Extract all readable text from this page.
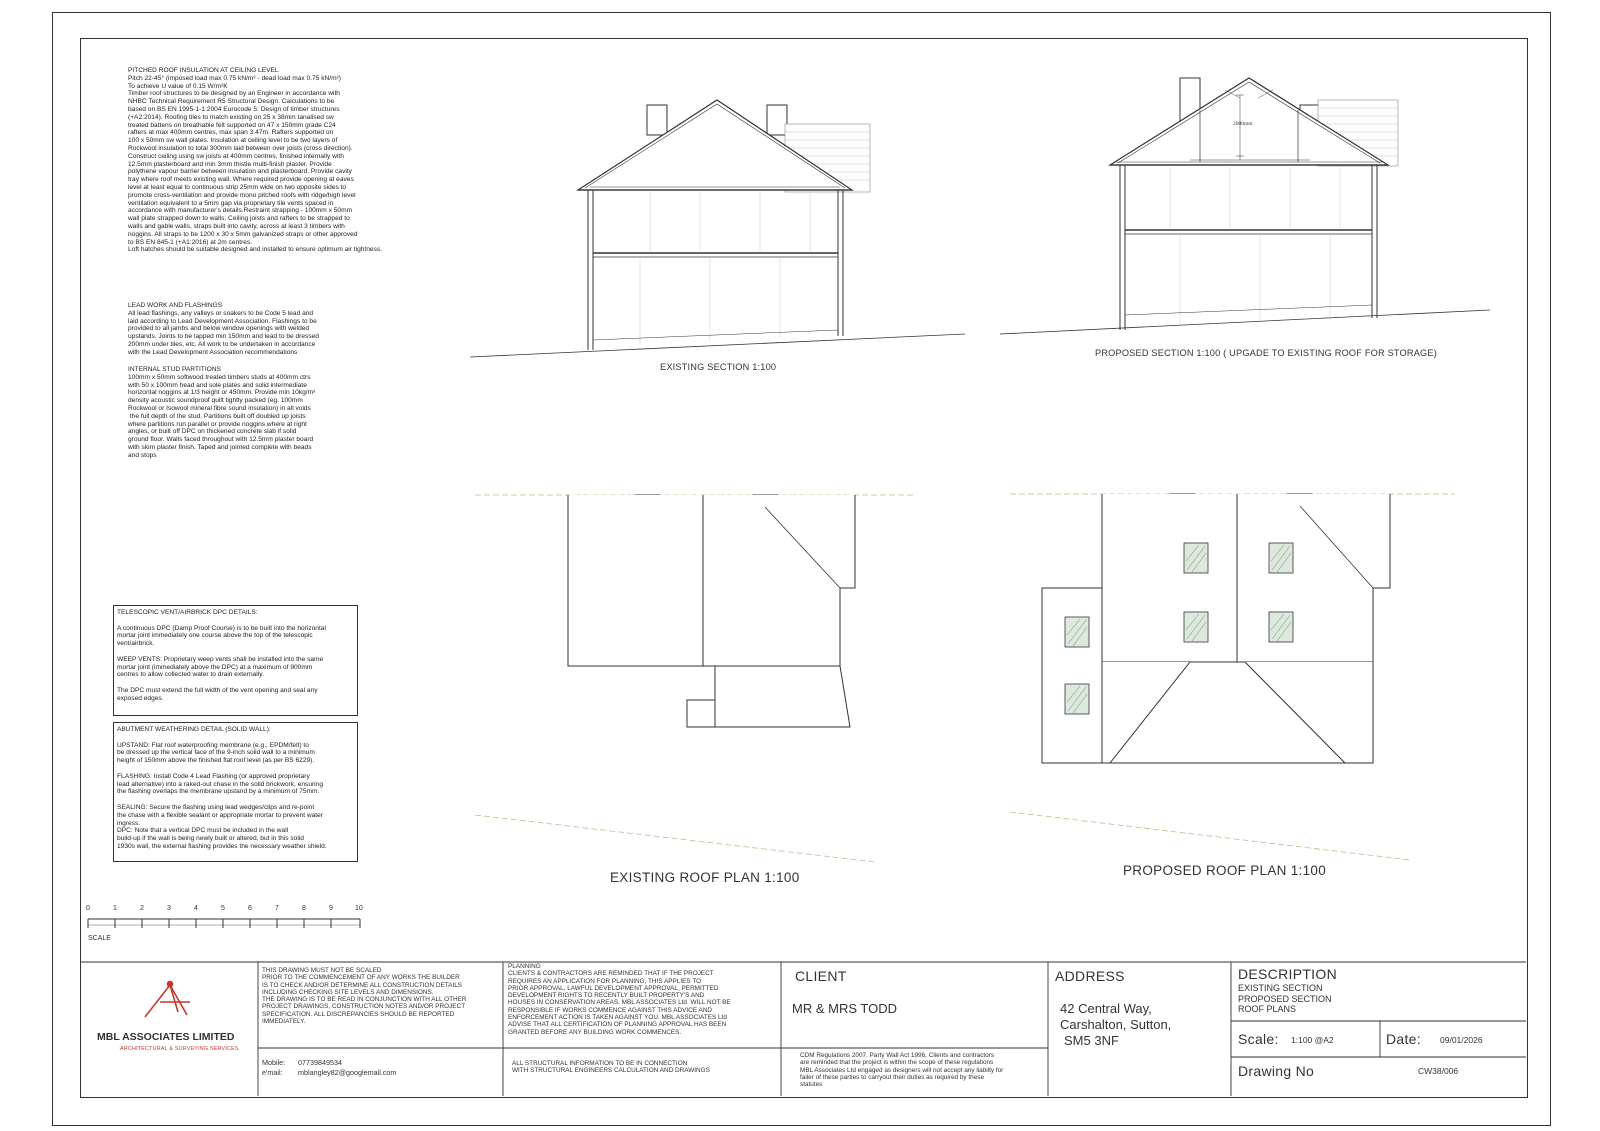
PITCHED ROOF INSULATION AT CEILING LEVEL
Pitch 22-45° (imposed load max 0.75 kN/m² - dead load max 0.75 kN/m²)
To achieve U value of 0.15 W/m²K
Timber roof structures to be designed by an Engineer in accordance with
NHBC Technical Requirement R5 Structural Design. Calculations to be
based on BS EN 1995-1-1:2004 Eurocode 5: Design of timber structures
(+A2:2014). Roofing tiles to match existing on 25 x 38mm tanalised sw
treated battens on breathable felt supported on 47 x 150mm grade C24
rafters at max 400mm centres, max span 3.47m. Rafters supported on
100 x 50mm sw wall plates. Insulation at ceiling level to be two layers of
Rockwool insulation to total 300mm laid between over joists (cross direction).
Construct ceiling using sw joists at 400mm centres, finished internally with
12.5mm plasterboard and min 3mm thistle multi-finish plaster. Provide
polythene vapour barrier between insulation and plasterboard. Provide cavity
tray where roof meets existing wall. Where required provide opening at eaves
level at least equal to continuous strip 25mm wide on two opposite sides to
promote cross-ventilation and provide mono pitched roofs with ridge/high level
ventilation equivalent to a 5mm gap via proprietary tile vents spaced in
accordance with manufacturer's details.Restraint strapping - 100mm x 50mm
wall plate strapped down to walls. Ceiling joists and rafters to be strapped to
walls and gable walls, straps built into cavity, across at least 3 timbers with
noggins. All straps to be 1200 x 30 x 5mm galvanized straps or other approved
to BS EN 845-1 (+A1:2016) at 2m centres.
Loft hatches should be suitable designed and installed to ensure optimum air tightness.
LEAD WORK AND FLASHINGS
All lead flashings, any valleys or soakers to be Code 5 lead and
laid according to Lead Development Association. Flashings to be
provided to all jambs and below window openings with welded
upstands. Joints to be lapped min 150mm and lead to be dressed
200mm under tiles, etc. All work to be undertaken in accordance
with the Lead Development Association recommendations
INTERNAL STUD PARTITIONS
100mm x 50mm softwood treated timbers studs at 400mm ctrs
with 50 x 100mm head and sole plates and solid intermediate
horizontal noggins at 1/3 height or 450mm. Provide min 10kg/m³
density acoustic soundproof quilt tightly packed (eg. 100mm
Rockwool or Isowool mineral fibre sound insulation) in all voids
the full depth of the stud. Partitions built off doubled up joists
where partitions run parallel or provide noggins where at right
angles, or built off DPC on thickened concrete slab if solid
ground floor. Walls faced throughout with 12.5mm plaster board
with skim plaster finish. Taped and jointed complete with beads
and stops
TELESCOPIC VENT/AIRBRICK DPC DETAILS:

A continuous DPC (Damp Proof Course) is to be built into the horizontal
mortar joint immediately one course above the top of the telescopic
vent/airbrick.

WEEP VENTS: Proprietary weep vents shall be installed into the same
mortar joint (immediately above the DPC) at a maximum of 900mm
centres to allow collected water to drain externally.

The DPC must extend the full width of the vent opening and seal any
exposed edges.
ABUTMENT WEATHERING DETAIL (SOLID WALL):

UPSTAND: Flat roof waterproofing membrane (e.g., EPDM/felt) to
be dressed up the vertical face of the 9-inch solid wall to a minimum
height of 150mm above the finished flat roof level (as per BS 6229).

FLASHING: Install Code 4 Lead Flashing (or approved proprietary
lead alternative) into a raked-out chase in the solid brickwork, ensuring
the flashing overlaps the membrane upstand by a minimum of 75mm.

SEALING: Secure the flashing using lead wedges/clips and re-point
the chase with a flexible sealant or appropriate mortar to prevent water
ingress.
DPC: Note that a vertical DPC must be included in the wall
build-up if the wall is being newly built or altered, but in this solid
1930s wall, the external flashing provides the necessary weather shield.
EXISTING SECTION 1:100
PROPOSED SECTION 1:100 ( UPGADE TO EXISTING ROOF FOR STORAGE)
2000mm
EXISTING ROOF PLAN 1:100	PROPOSED ROOF PLAN 1:100
0	1	2	3	4	5	6	7	8	9	10
SCALE
MBL ASSOCIATES LIMITED
ARCHITECTURAL & SURVEYING SERVICES
THIS DRAWING MUST NOT BE SCALED
PRIOR TO THE COMMENCEMENT OF ANY WORKS THE BUILDER
IS TO CHECK AND/OR DETERMINE ALL CONSTRUCTION DETAILS
INCLUDING CHECKING SITE LEVELS AND DIMENSIONS.
THE DRAWING IS TO BE READ IN CONJUNCTION WITH ALL OTHER
PROJECT DRAWINGS, CONSTRUCTION NOTES AND/OR PROJECT
SPECIFICATION. ALL DISCREPANCIES SHOULD BE REPORTED
IMMEDIATELY.
Mobile: 07739849534
e'mail: mblangley82@googlemail.com
PLANNING
CLIENTS & CONTRACTORS ARE REMINDED THAT IF THE PROJECT
REQUIRES AN APPLICATION FOR PLANNING, THIS APPLIES TO
PRIOR APPROVAL, LAWFUL DEVELOPMENT APPROVAL, PERMITTED
DEVELOPMENT RIGHTS TO RECENTLY BUILT PROPERTY'S AND
HOUSES IN CONSERVATION AREAS. MBL ASSOCIATES Ltd  WILL NOT BE
RESPONSIBLE IF WORKS COMMENCE AGAINST THIS ADVICE AND
ENFORCEMENT ACTION IS TAKEN AGAINST YOU. MBL ASSOCIATES Ltd
ADVISE THAT ALL CERTIFICATION OF PLANNING APPROVAL HAS BEEN
GRANTED BEFORE ANY BUILDING WORK COMMENCES.
ALL STRUCTURAL INFORMATION TO BE IN CONNECTION
WITH STRUCTURAL ENGINEERS CALCULATION AND DRAWINGS
CLIENT
MR & MRS TODD
CDM Regulations 2007. Party Wall Act 1996. Clients and contractors
are reminded that the project is within the scope of these regulations
MBL Associates Ltd engaged as designers will not accept any liabilty for
failer of these parties to carryout their duties as required by these
statutes
ADDRESS
42 Central Way,
Carshalton, Sutton,
SM5 3NF
DESCRIPTION
EXISTING SECTION
PROPOSED SECTION
ROOF PLANS
Scale: 1:100 @A2	Date: 09/01/2026
Drawing No	CW38/006
